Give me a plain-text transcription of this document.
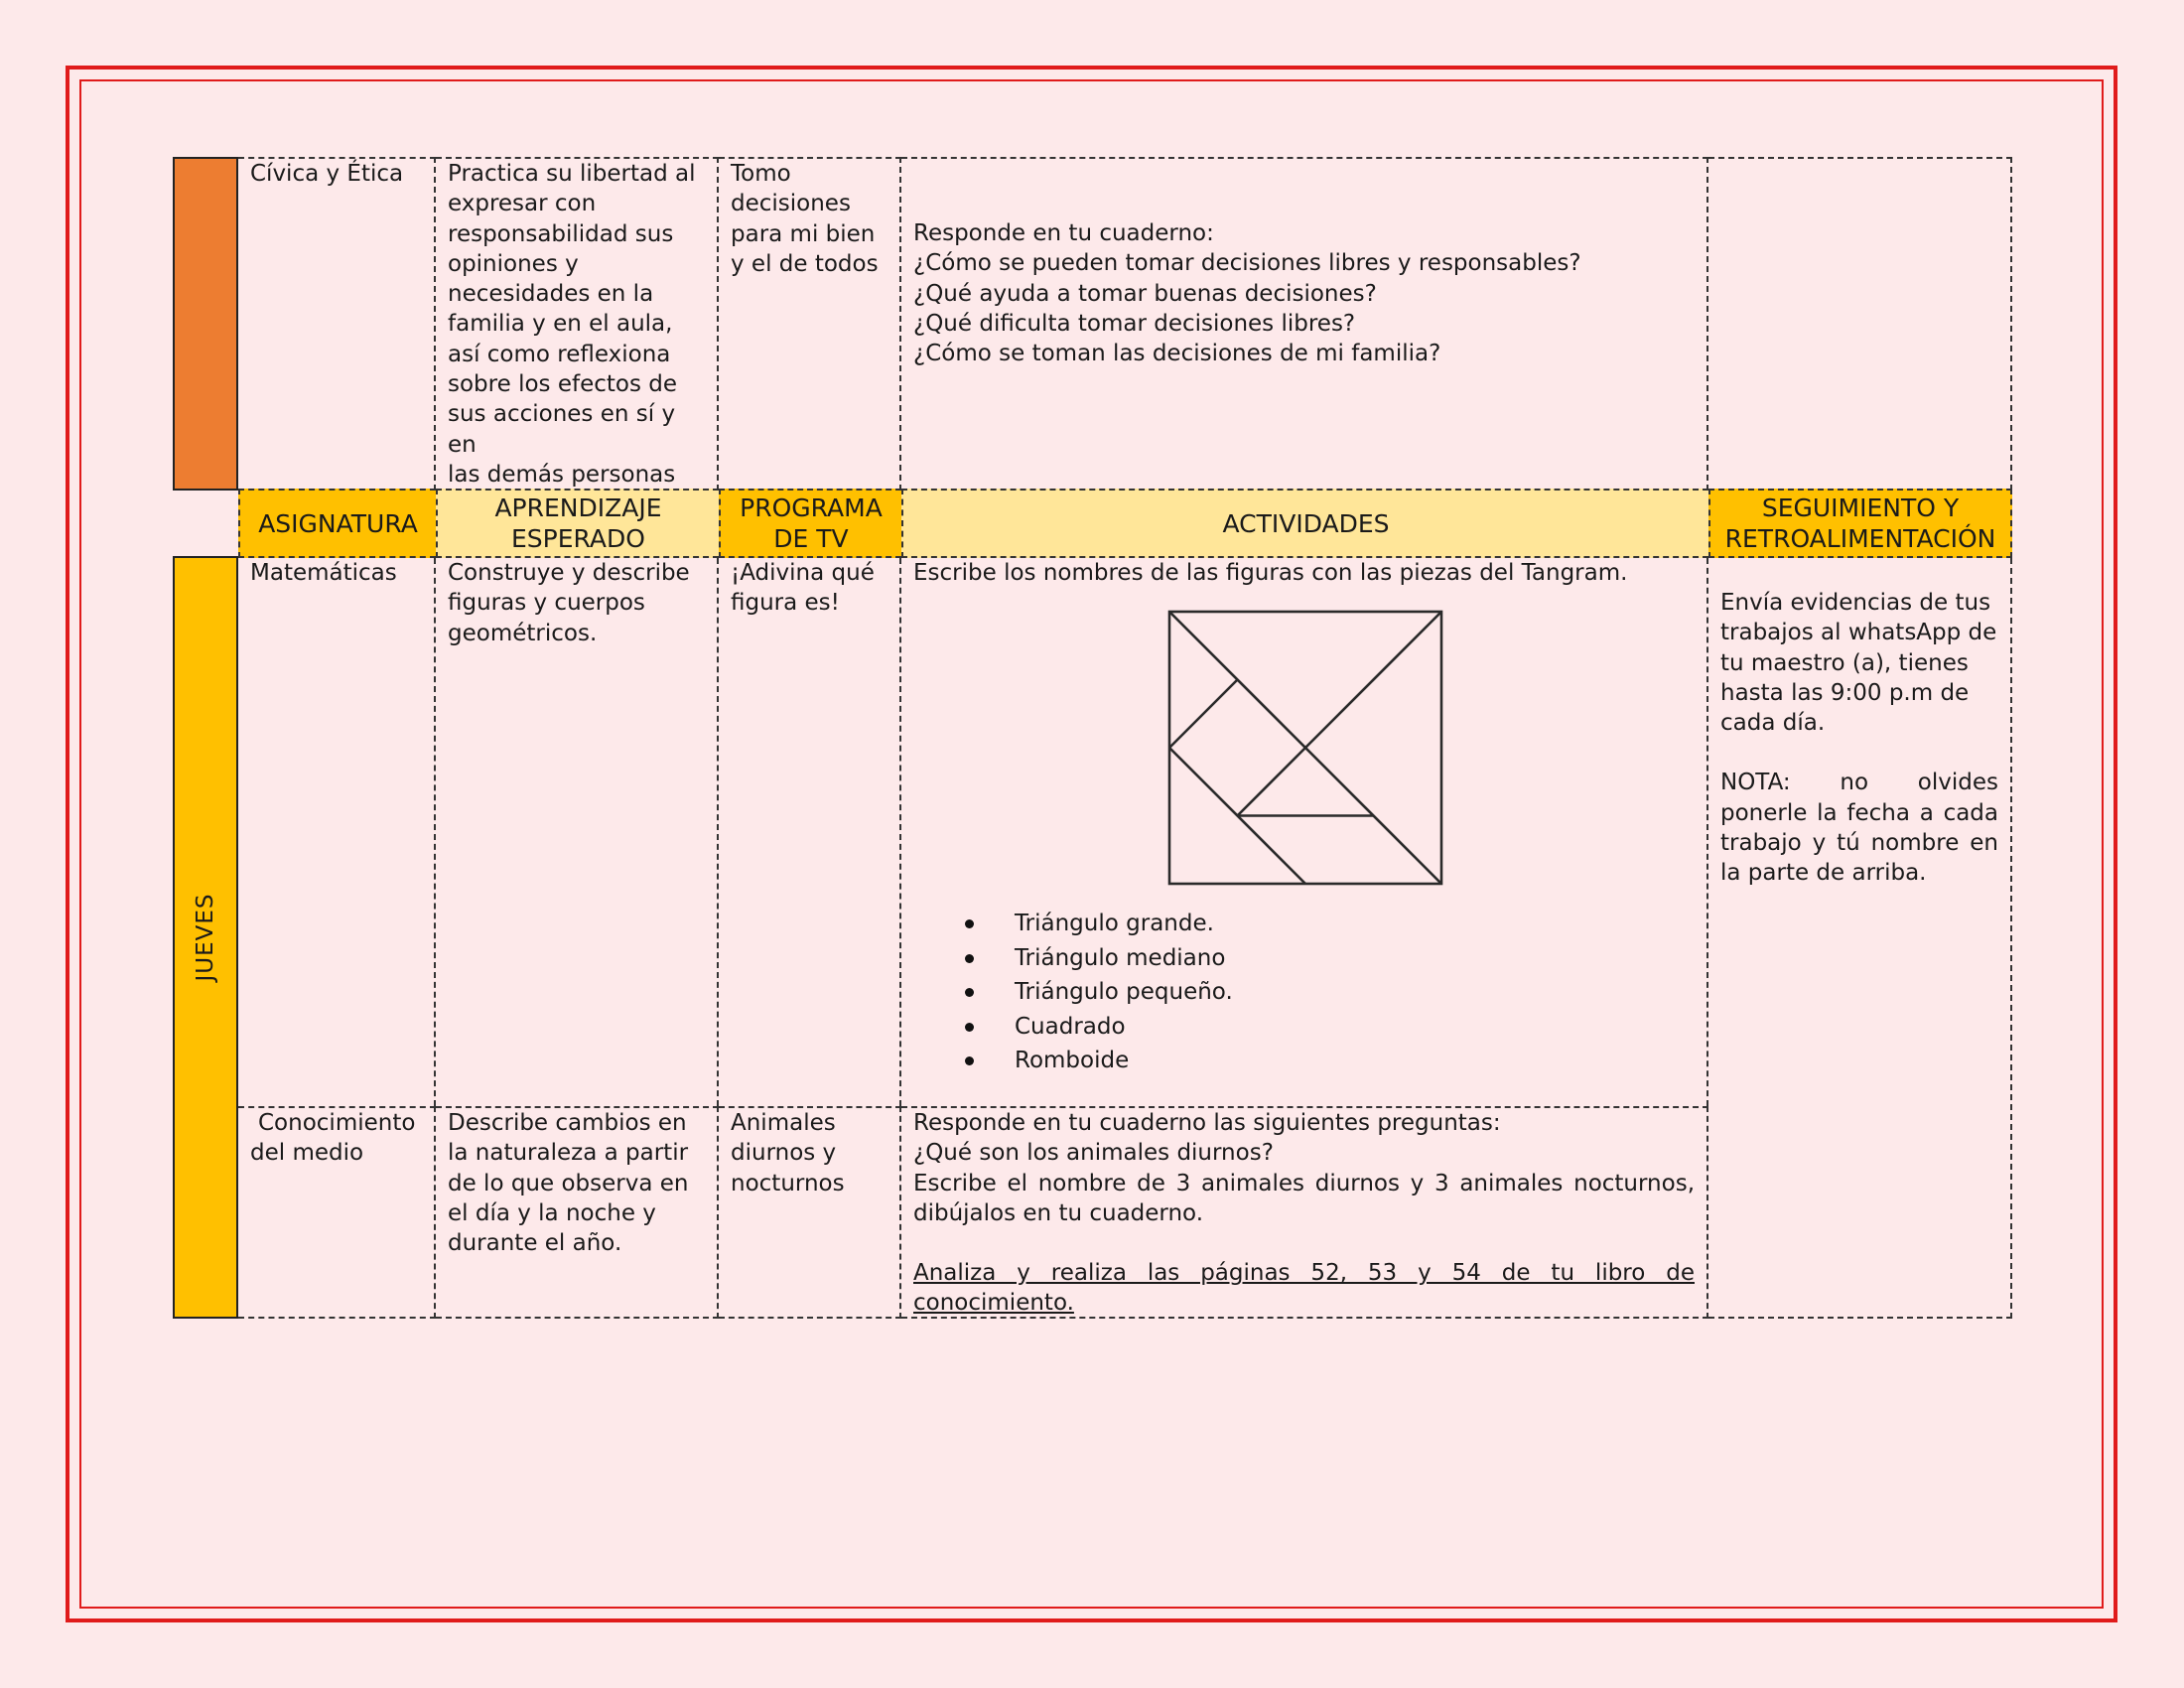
JUEVES
Cívica y Ética	Practica su libertad al
expresar con
responsabilidad sus
opiniones y
necesidades en la
familia y en el aula,
así como reflexiona
sobre los efectos de
sus acciones en sí y en
las demás personas
Tomo
decisiones
para mi bien
y el de todos
Responde en tu cuaderno:
¿Cómo se pueden tomar decisiones libres y responsables?
¿Qué ayuda a tomar buenas decisiones?
¿Qué dificulta tomar decisiones libres?
¿Cómo se toman las decisiones de mi familia?
ASIGNATURA
APRENDIZAJE
ESPERADO
PROGRAMA
DE TV
ACTIVIDADES
SEGUIMIENTO Y
RETROALIMENTACIÓN
Matemáticas	Construye y describe
figuras y cuerpos
geométricos.
¡Adivina qué
figura es!
Escribe los nombres de las figuras con las piezas del Tangram.
Triángulo grande.
Triángulo mediano
Triángulo pequeño.
Cuadrado
Romboide
Envía evidencias de tus
trabajos al whatsApp de
tu maestro (a), tienes
hasta las 9:00 p.m de
cada día.
NOTA: no olvides
ponerle la fecha a cada
trabajo y tú nombre en
la parte de arriba.
Conocimiento
del medio
Describe cambios en
la naturaleza a partir
de lo que observa en
el día y la noche y
durante el año.
Animales
diurnos y
nocturnos
Responde en tu cuaderno las siguientes preguntas:
¿Qué son los animales diurnos?
Escribe el nombre de 3 animales diurnos y 3 animales nocturnos, dibújalos en tu cuaderno.
Analiza y realiza las páginas 52, 53 y 54 de tu libro de conocimiento.
